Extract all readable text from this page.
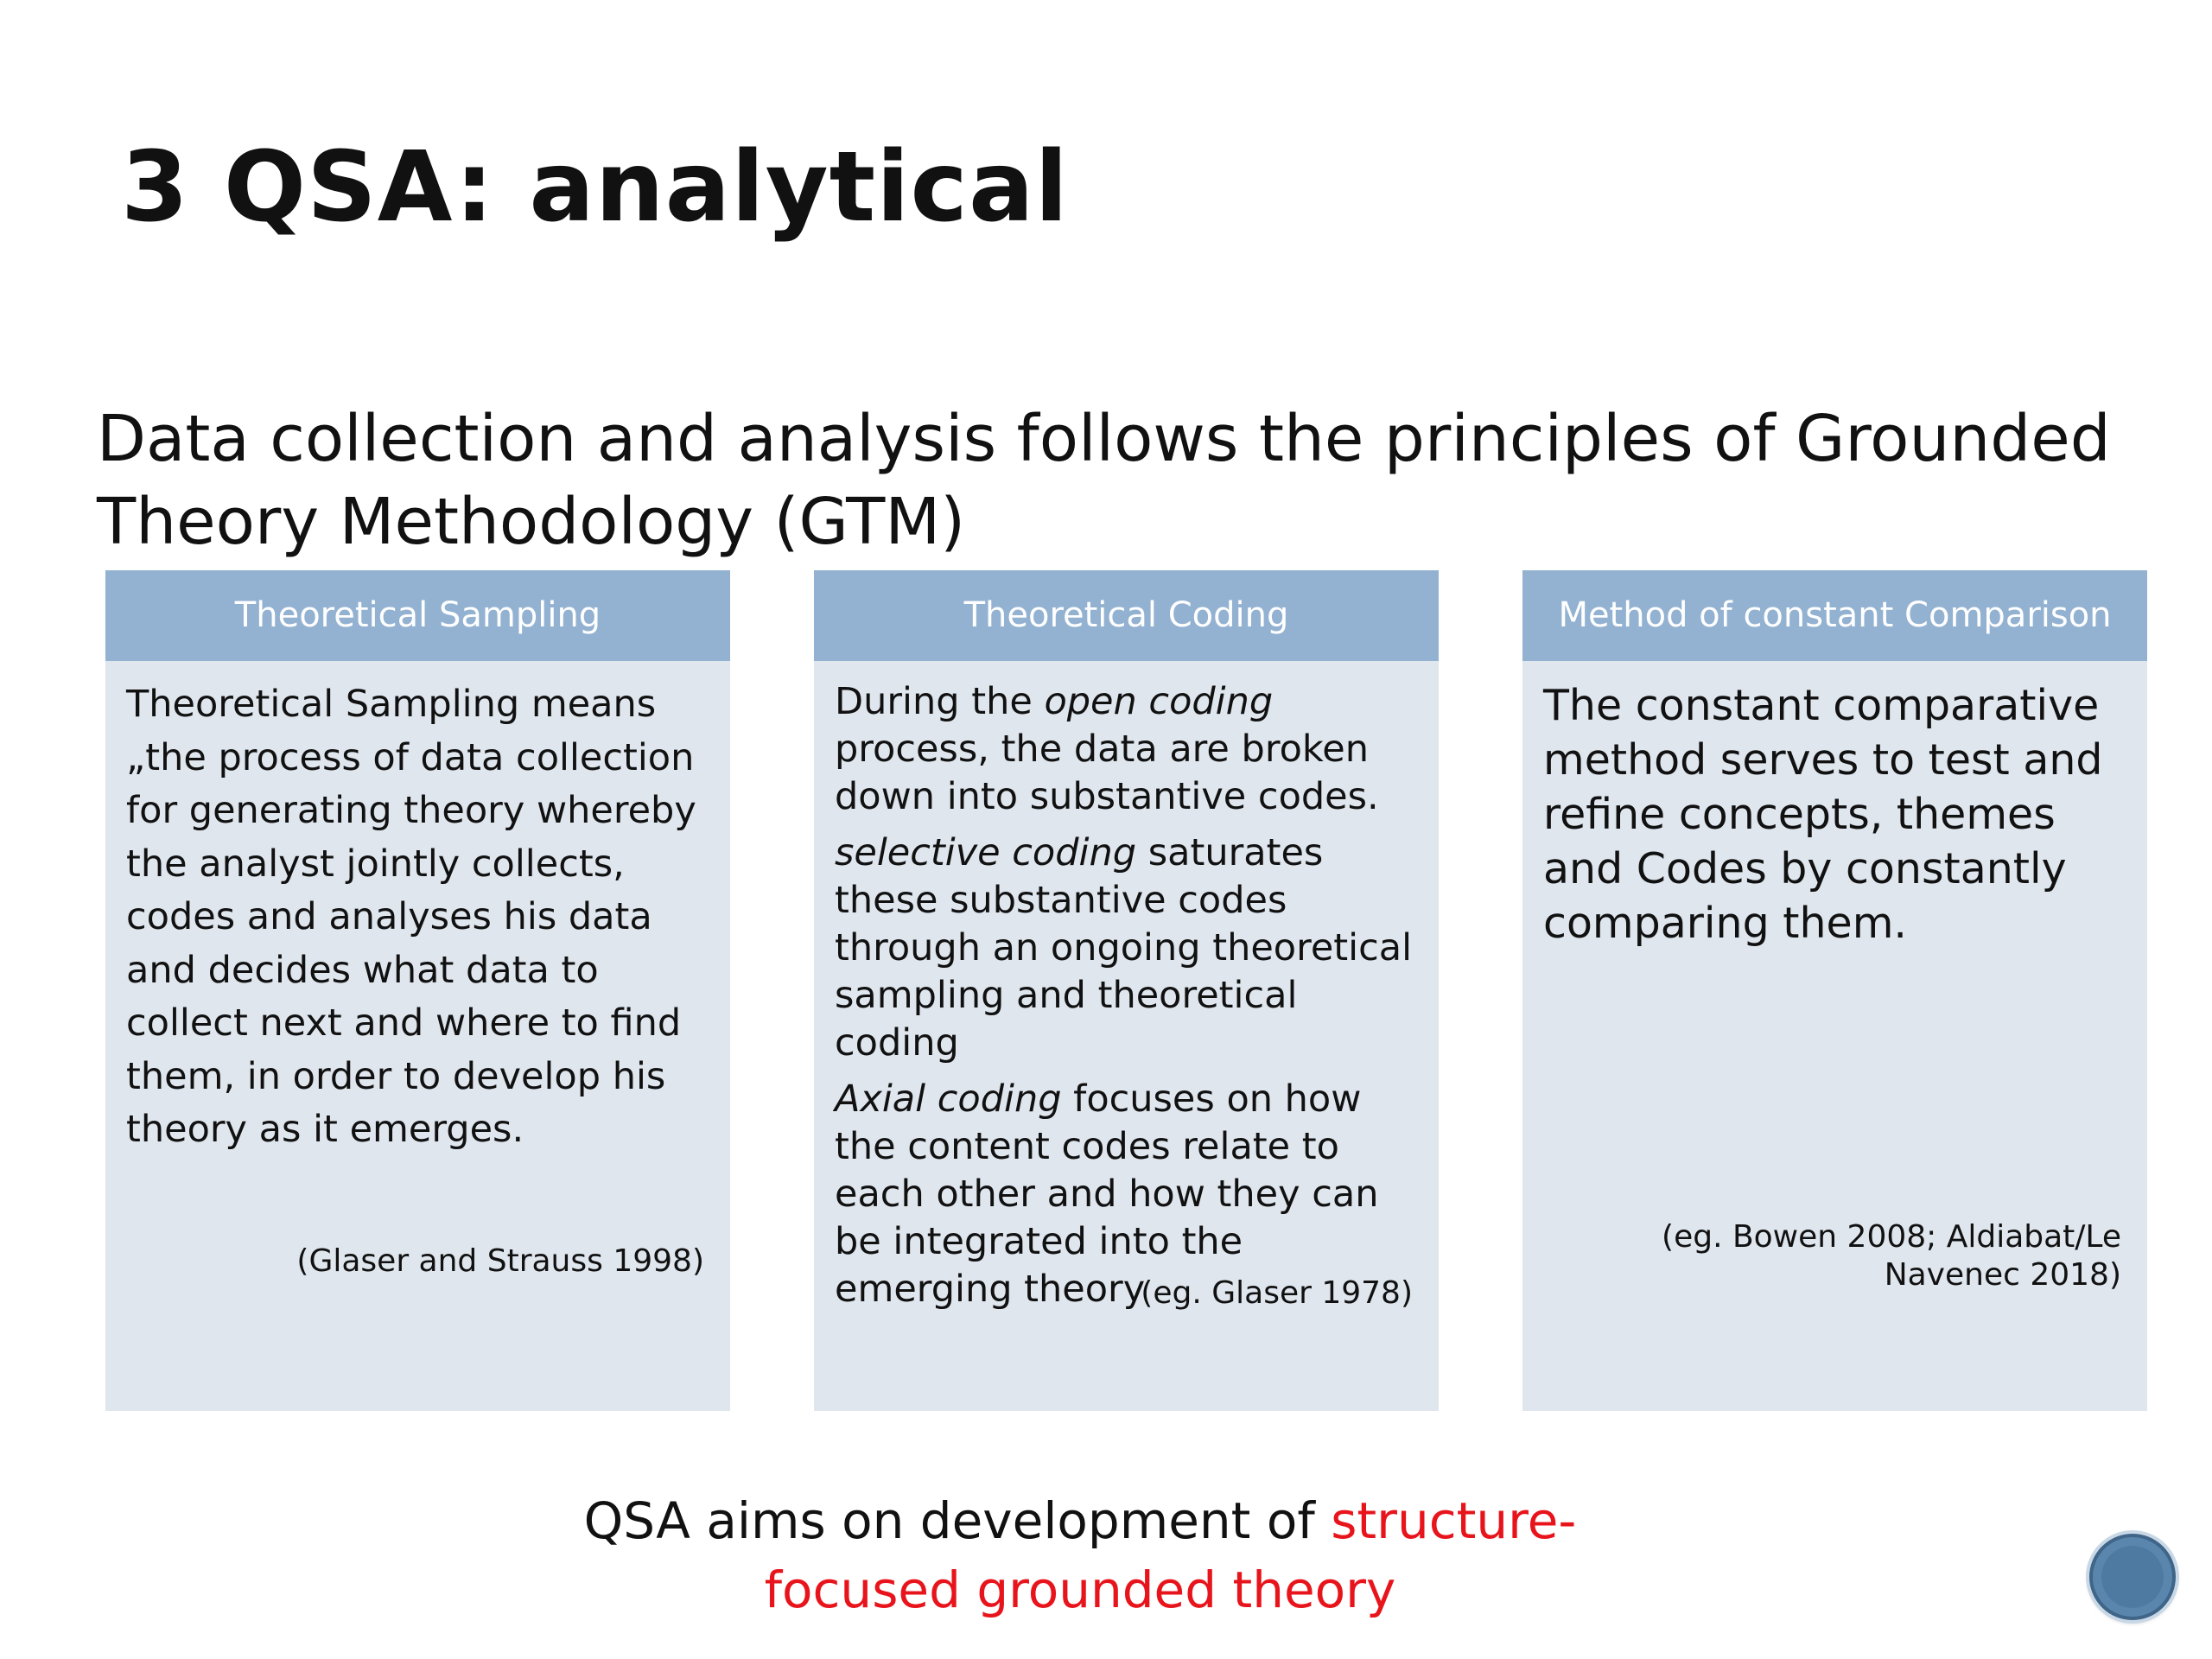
3 QSA: analytical
Data collection and analysis follows the principles of Grounded Theory Methodology (GTM)
Theoretical Sampling
Theoretical Sampling means „the process of data collection for generating theory whereby the analyst jointly collects, codes and analyses his data and decides what data to collect next and where to find them, in order to develop his theory as it emerges.
(Glaser and Strauss 1998)
Theoretical Coding
During the open coding process, the data are broken down into substantive codes.
selective coding saturates these substantive codes through an ongoing theoretical sampling and theoretical coding
Axial coding focuses on how the content codes relate to each other and how they can be integrated into the emerging theory
(eg. Glaser 1978)
Method of constant Comparison
The constant comparative method serves to test and refine concepts, themes and Codes by constantly comparing them.
(eg. Bowen 2008; Aldiabat/Le Navenec 2018)
QSA aims on development of structure-focused grounded theory
